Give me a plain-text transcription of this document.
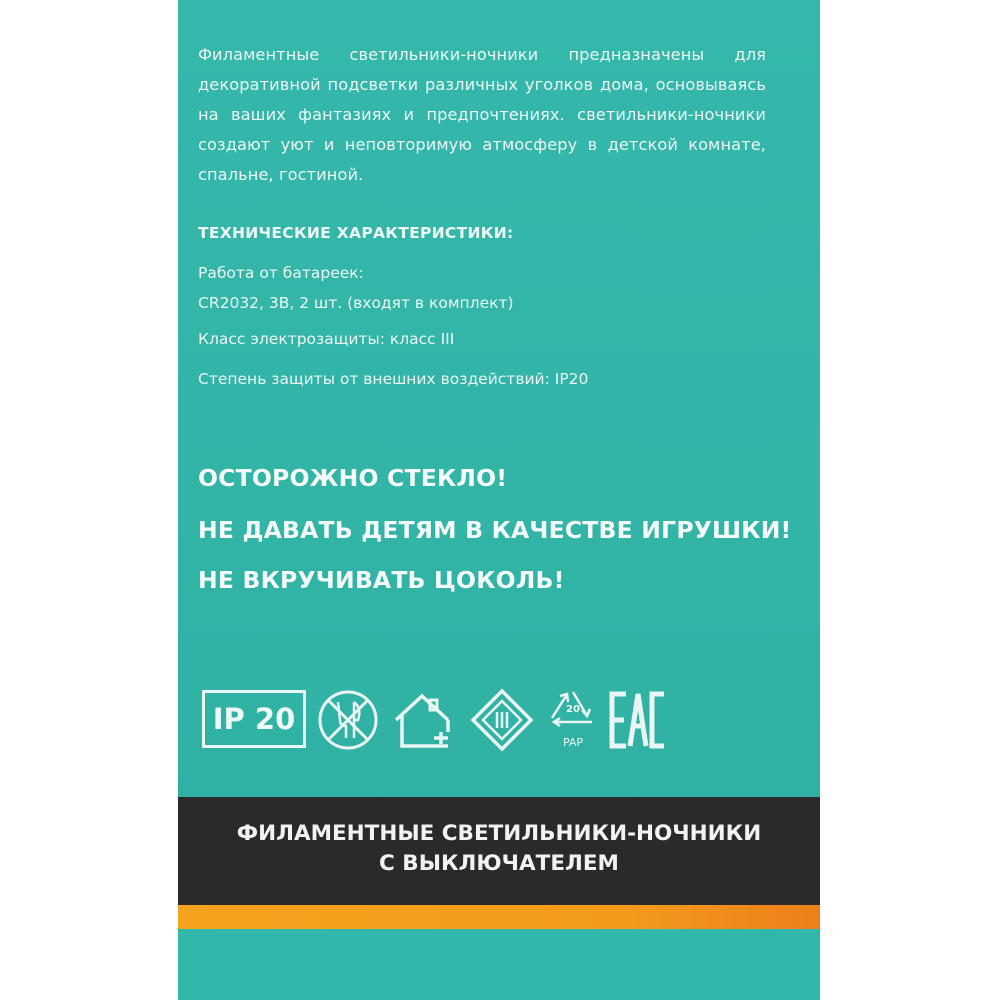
Филаментные светильники-ночники предназначены для декоративной подсветки различных уголков дома, основываясь на ваших фантазиях и предпочтениях. светильники-ночники создают уют и неповторимую атмосферу в детской комнате, спальне, гостиной.

ТЕХНИЧЕСКИЕ ХАРАКТЕРИСТИКИ:
Работа от батареек:
CR2032, 3В, 2 шт. (входят в комплект)
Класс электрозащиты: класс III
Степень защиты от внешних воздействий: IP20
ОСТОРОЖНО СТЕКЛО!
НЕ ДАВАТЬ ДЕТЯМ В КАЧЕСТВЕ ИГРУШКИ!
НЕ ВКРУЧИВАТЬ ЦОКОЛЬ!
IP 20	20
PAP
ФИЛАМЕНТНЫЕ СВЕТИЛЬНИКИ-НОЧНИКИ
С ВЫКЛЮЧАТЕЛЕМ
